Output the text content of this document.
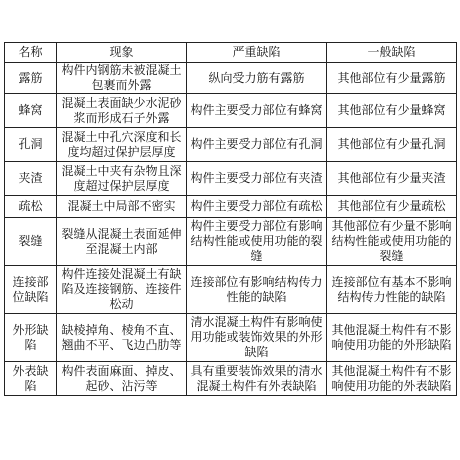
名称	现象	严重缺陷	一般缺陷
露筋	构件内钢筋未被混凝土包裹而外露	纵向受力筋有露筋	其他部位有少量露筋
蜂窝	混凝土表面缺少水泥砂浆而形成石子外露	构件主要受力部位有蜂窝	其他部位有少量蜂窝
孔洞	混凝土中孔穴深度和长度均超过保护层厚度	构件主要受力部位有孔洞	其他部位有少量孔洞
夹渣	混凝土中夹有杂物且深度超过保护层厚度	构件主要受力部位有夹渣	其他部位有少量夹渣
疏松	混凝土中局部不密实	构件主要受力部位有疏松	其他部位有少量疏松
裂缝	裂缝从混凝土表面延伸至混凝土内部	构件主要受力部位有影响结构性能或使用功能的裂缝	其他部位有少量不影响结构性能或使用功能的裂缝
连接部位缺陷	构件连接处混凝土有缺陷及连接钢筋、连接件松动	连接部位有影响结构传力性能的缺陷	连接部位有基本不影响结构传力性能的缺陷
外形缺陷	缺棱掉角、棱角不直、翘曲不平、飞边凸肋等	清水混凝土构件有影响使用功能或装饰效果的外形缺陷	其他混凝土构件有不影响使用功能的外形缺陷
外表缺陷	构件表面麻面、掉皮、起砂、沾污等	具有重要装饰效果的清水混凝土构件有外表缺陷	其他混凝土构件有不影响使用功能的外表缺陷
